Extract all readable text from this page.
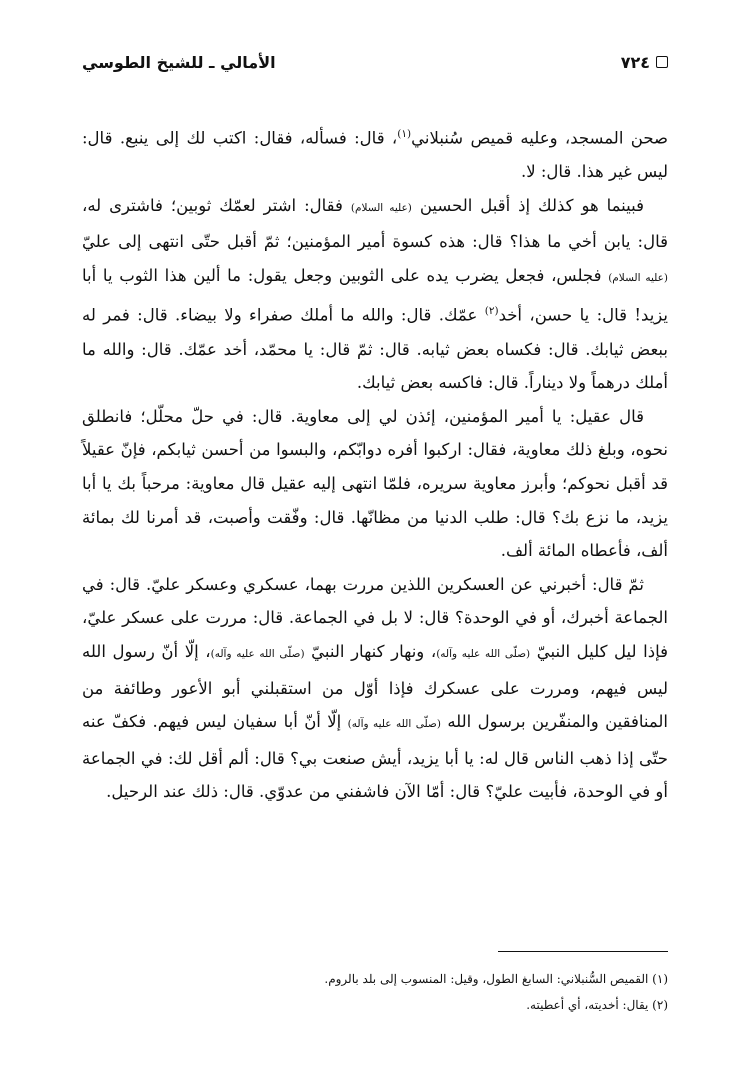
٧٢٤
الأمالي ـ للشيخ الطوسي

صحن المسجد، وعليه قميص سُنبلاني$^{(١)}$، قال: فسأله، فقال: اكتب لك إلى ينبع. قال: ليس غير هذا. قال: لا.

فبينما هو كذلك إذ أقبل الحسين (عليه السلام) فقال: اشتر لعمّك ثوبين؛ فاشترى له، قال: يابن أخي ما هذا؟ قال: هذه كسوة أمير المؤمنين؛ ثمّ أقبل حتّى انتهى إلى عليّ (عليه السلام) فجلس، فجعل يضرب يده على الثوبين وجعل يقول: ما ألين هذا الثوب يا أبا يزيد! قال: يا حسن، أخد$^{(٢)}$ عمّك. قال: والله ما أملك صفراء ولا بيضاء. قال: فمر له ببعض ثيابك. قال: فكساه بعض ثيابه. قال: ثمّ قال: يا محمّد، أخد عمّك. قال: والله ما أملك درهماً ولا ديناراً. قال: فاكسه بعض ثيابك.

قال عقيل: يا أمير المؤمنين، إئذن لي إلى معاوية. قال: في حلّ محلّل؛ فانطلق نحوه، وبلغ ذلك معاوية، فقال: اركبوا أفره دوابّكم، والبسوا من أحسن ثيابكم، فإنّ عقيلاً قد أقبل نحوكم؛ وأبرز معاوية سريره، فلمّا انتهى إليه عقيل قال معاوية: مرحباً بك يا أبا يزيد، ما نزع بك؟ قال: طلب الدنيا من مظانّها. قال: وفّقت وأصبت، قد أمرنا لك بمائة ألف، فأعطاه المائة ألف.

ثمّ قال: أخبرني عن العسكرين اللذين مررت بهما، عسكري وعسكر عليّ. قال: في الجماعة أخبرك، أو في الوحدة؟ قال: لا بل في الجماعة. قال: مررت على عسكر عليّ، فإذا ليل كليل النبيّ (صلّى الله عليه وآله)، ونهار كنهار النبيّ (صلّى الله عليه وآله)، إلّا أنّ رسول الله ليس فيهم، ومررت على عسكرك فإذا أوّل من استقبلني أبو الأعور وطائفة من المنافقين والمنفّرين برسول الله (صلّى الله عليه وآله) إلّا أنّ أبا سفيان ليس فيهم. فكفّ عنه حتّى إذا ذهب الناس قال له: يا أبا يزيد، أيش صنعت بي؟ قال: ألم أقل لك: في الجماعة أو في الوحدة، فأبيت عليّ؟ قال: أمّا الآن فاشفني من عدوّي. قال: ذلك عند الرحيل.

(١) القميص السُّنبلاني: السابغ الطول، وقيل: المنسوب إلى بلد بالروم.

(٢) يقال: أخديته، أي أعطيته.
